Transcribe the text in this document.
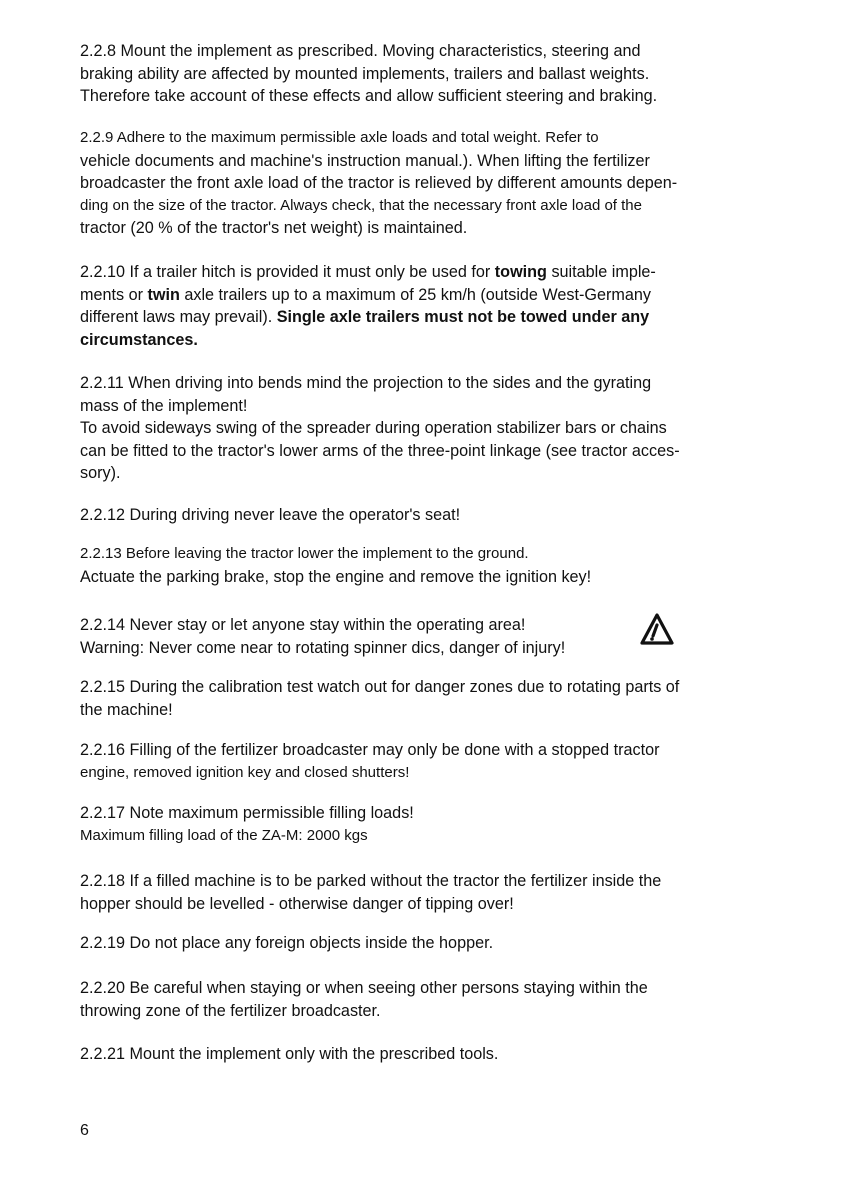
2.2.8 Mount the implement as prescribed. Moving characteristics, steering and
braking ability are affected by mounted implements, trailers and ballast weights.
Therefore take account of these effects and allow sufficient steering and braking.
2.2.9 Adhere to the maximum permissible axle loads and total weight. Refer to
vehicle documents and machine's instruction manual.). When lifting the fertilizer
broadcaster the front axle load of the tractor is relieved by different amounts depen-
ding on the size of the tractor. Always check, that the necessary front axle load of the
tractor (20 % of the tractor's net weight) is maintained.
2.2.10 If a trailer hitch is provided it must only be used for towing suitable imple-
ments or twin axle trailers up to a maximum of 25 km/h (outside West-Germany
different laws may prevail). Single axle trailers must not be towed under any
circumstances.
2.2.11 When driving into bends mind the projection to the sides and the gyrating
mass of the implement!
To avoid sideways swing of the spreader during operation stabilizer bars or chains
can be fitted to the tractor's lower arms of the three-point linkage (see tractor acces-
sory).
2.2.12 During driving never leave the operator's seat!
2.2.13 Before leaving the tractor lower the implement to the ground.
Actuate the parking brake, stop the engine and remove the ignition key!
2.2.14 Never stay or let anyone stay within the operating area!
Warning: Never come near to rotating spinner dics, danger of injury!
2.2.15 During the calibration test watch out for danger zones due to rotating parts of
the machine!
2.2.16 Filling of the fertilizer broadcaster may only be done with a stopped tractor
engine, removed ignition key and closed shutters!
2.2.17 Note maximum permissible filling loads!
Maximum filling load of the ZA-M: 2000 kgs
2.2.18 If a filled machine is to be parked without the tractor the fertilizer inside the
hopper should be levelled - otherwise danger of tipping over!
2.2.19 Do not place any foreign objects inside the hopper.
2.2.20 Be careful when staying or when seeing other persons staying within the
throwing zone of the fertilizer broadcaster.
2.2.21 Mount the implement only with the prescribed tools.
6
